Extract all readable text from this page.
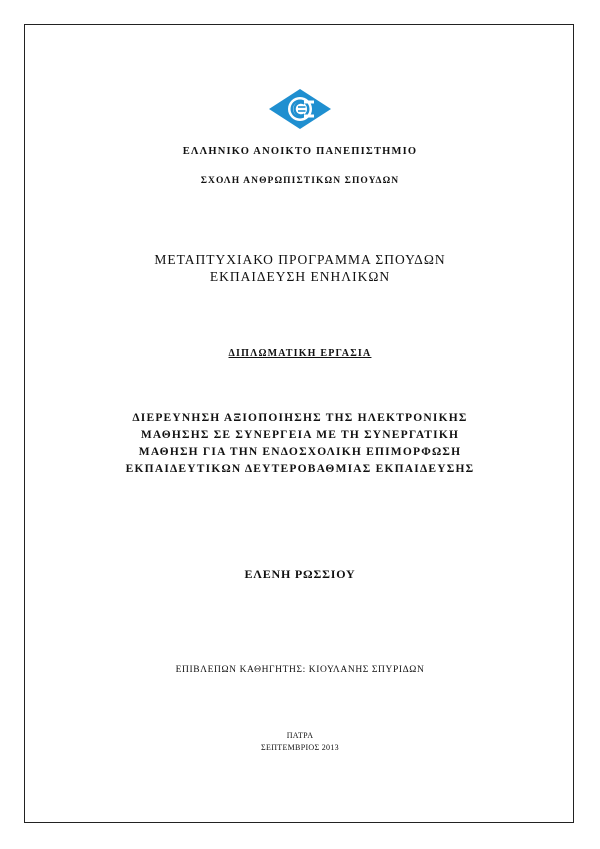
ΕΛΛΗΝΙΚΟ ΑΝΟΙΚΤΟ ΠΑΝΕΠΙΣΤΗΜΙΟ
ΣΧΟΛΗ ΑΝΘΡΩΠΙΣΤΙΚΩΝ ΣΠΟΥΔΩΝ
ΜΕΤΑΠΤΥΧΙΑΚΟ ΠΡΟΓΡΑΜΜΑ ΣΠΟΥΔΩΝ
ΕΚΠΑΙΔΕΥΣΗ ΕΝΗΛΙΚΩΝ
ΔΙΠΛΩΜΑΤΙΚΗ ΕΡΓΑΣΙΑ
ΔΙΕΡΕΥΝΗΣΗ ΑΞΙΟΠΟΙΗΣΗΣ ΤΗΣ ΗΛΕΚΤΡΟΝΙΚΗΣ
ΜΑΘΗΣΗΣ ΣΕ ΣΥΝΕΡΓΕΙΑ ΜΕ ΤΗ ΣΥΝΕΡΓΑΤΙΚΗ
ΜΑΘΗΣΗ ΓΙΑ ΤΗΝ ΕΝΔΟΣΧΟΛΙΚΗ ΕΠΙΜΟΡΦΩΣΗ
ΕΚΠΑΙΔΕΥΤΙΚΩΝ ΔΕΥΤΕΡΟΒΑΘΜΙΑΣ ΕΚΠΑΙΔΕΥΣΗΣ
ΕΛΕΝΗ ΡΩΣΣΙΟΥ
ΕΠΙΒΛΕΠΩΝ ΚΑΘΗΓΗΤΗΣ: ΚΙΟΥΛΑΝΗΣ ΣΠΥΡΙΔΩΝ
ΠΑΤΡΑ
ΣΕΠΤΕΜΒΡΙΟΣ 2013
